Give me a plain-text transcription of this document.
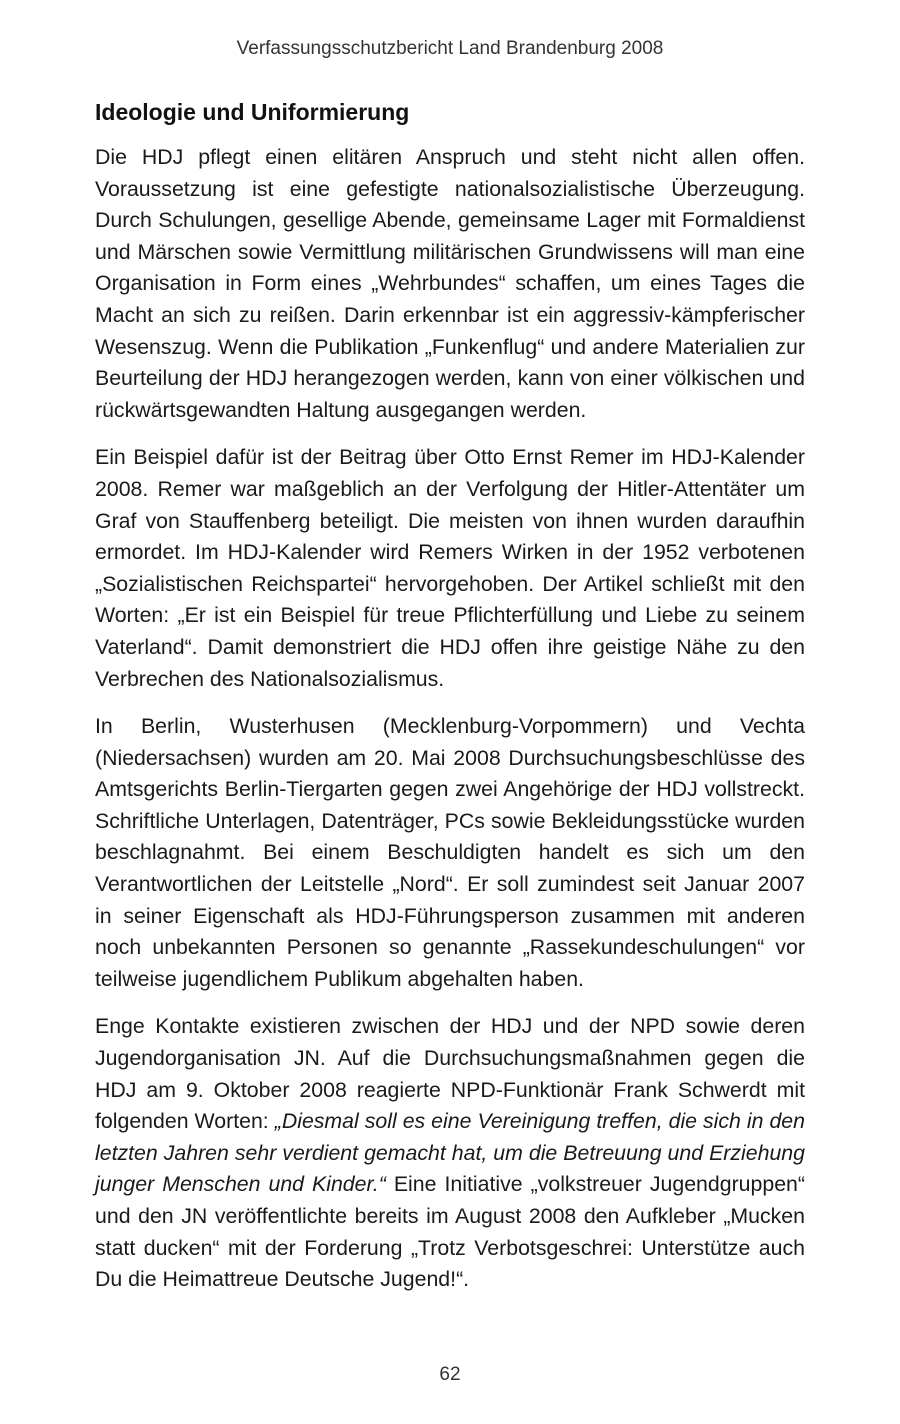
Verfassungsschutzbericht Land Brandenburg 2008
Ideologie und Uniformierung

Die HDJ pflegt einen elitären Anspruch und steht nicht allen offen. Voraussetzung ist eine gefestigte nationalsozialistische Überzeugung. Durch Schulungen, gesellige Abende, gemeinsame Lager mit Formaldienst und Märschen sowie Vermittlung militärischen Grundwissens will man eine Organisation in Form eines „Wehrbundes“ schaffen, um eines Tages die Macht an sich zu reißen. Darin erkennbar ist ein aggressiv-kämpferischer Wesenszug. Wenn die Publikation „Funkenflug“ und andere Materialien zur Beurteilung der HDJ herangezogen werden, kann von einer völkischen und rückwärtsgewandten Haltung ausgegangen werden.

Ein Beispiel dafür ist der Beitrag über Otto Ernst Remer im HDJ-Kalender 2008. Remer war maßgeblich an der Verfolgung der Hitler-Attentäter um Graf von Stauffenberg beteiligt. Die meisten von ihnen wurden daraufhin ermordet. Im HDJ-Kalender wird Remers Wirken in der 1952 verbotenen „Sozialistischen Reichspartei“ hervorgehoben. Der Artikel schließt mit den Worten: „Er ist ein Beispiel für treue Pflichterfüllung und Liebe zu seinem Vaterland“. Damit demonstriert die HDJ offen ihre geistige Nähe zu den Verbrechen des Nationalsozialismus.

In Berlin, Wusterhusen (Mecklenburg-Vorpommern) und Vechta (Niedersachsen) wurden am 20. Mai 2008 Durchsuchungsbeschlüsse des Amtsgerichts Berlin-Tiergarten gegen zwei Angehörige der HDJ vollstreckt. Schriftliche Unterlagen, Datenträger, PCs sowie Bekleidungsstücke wurden beschlagnahmt. Bei einem Beschuldigten handelt es sich um den Verantwortlichen der Leitstelle „Nord“. Er soll zumindest seit Januar 2007 in seiner Eigenschaft als HDJ-Führungsperson zusammen mit anderen noch unbekannten Personen so genannte „Rassekundeschulungen“ vor teilweise jugendlichem Publikum abgehalten haben.

Enge Kontakte existieren zwischen der HDJ und der NPD sowie deren Jugendorganisation JN. Auf die Durchsuchungsmaßnahmen gegen die HDJ am 9. Oktober 2008 reagierte NPD-Funktionär Frank Schwerdt mit folgenden Worten: „Diesmal soll es eine Vereinigung treffen, die sich in den letzten Jahren sehr verdient gemacht hat, um die Betreuung und Erziehung junger Menschen und Kinder.“ Eine Initiative „volkstreuer Jugendgruppen“ und den JN veröffentlichte bereits im August 2008 den Aufkleber „Mucken statt ducken“ mit der Forderung „Trotz Verbotsgeschrei: Unterstütze auch Du die Heimattreue Deutsche Jugend!“.

62
